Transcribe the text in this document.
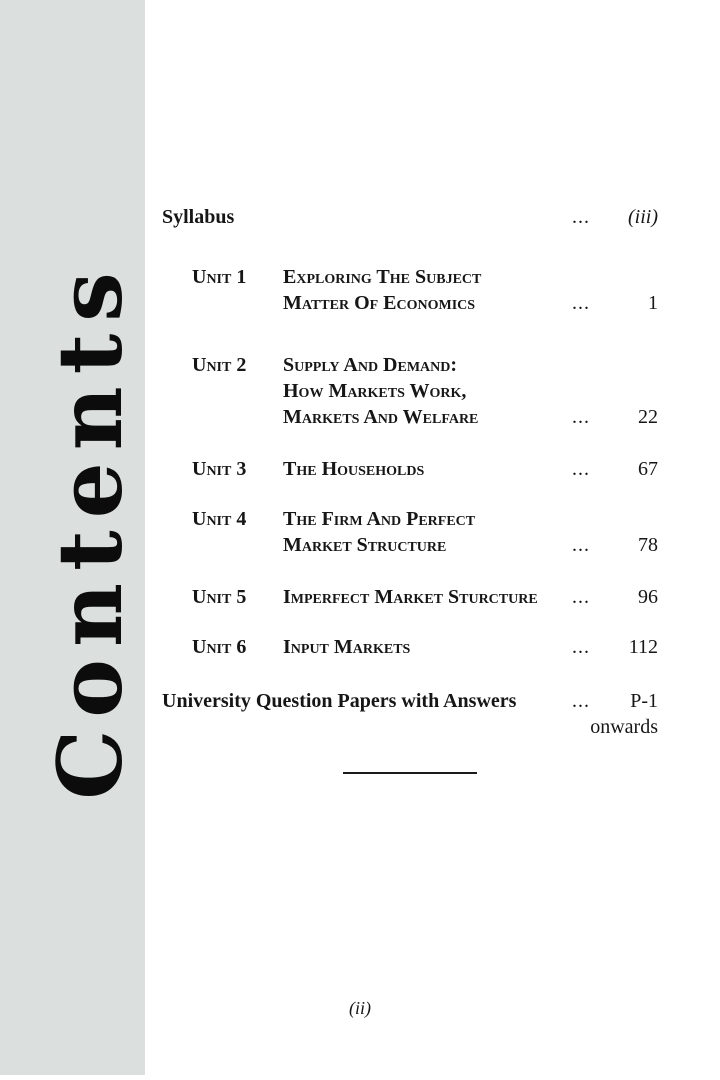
Contents
Syllabus	...	(iii)
Unit 1	Exploring The Subject
Matter Of Economics	...	1
Unit 2	Supply And Demand:
How Markets Work,
Markets And Welfare	...	22
Unit 3	The Households	...	67
Unit 4	The Firm And Perfect
Market Structure	...	78
Unit 5	Imperfect Market Sturcture	...	96
Unit 6	Input Markets	...	112
University Question Papers with Answers	...	P-1
onwards
(ii)
